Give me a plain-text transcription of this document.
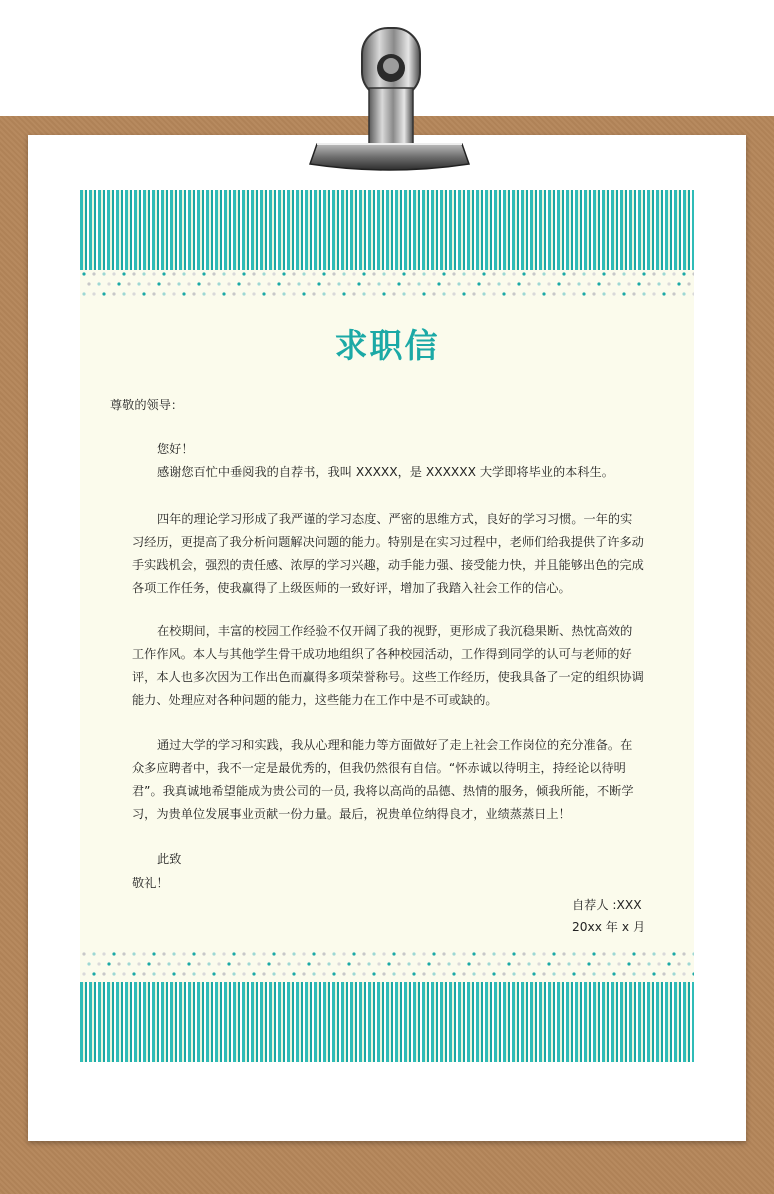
求职信
尊敬的领导：
您好！
感谢您百忙中垂阅我的自荐书，我叫 XXXXX，是 XXXXXX 大学即将毕业的本科生。

四年的理论学习形成了我严谨的学习态度、严密的思维方式，良好的学习习惯。一年的实习经历，更提高了我分析问题解决问题的能力。特别是在实习过程中，老师们给我提供了许多动手实践机会，强烈的责任感、浓厚的学习兴趣，动手能力强、接受能力快，并且能够出色的完成各项工作任务，使我赢得了上级医师的一致好评，增加了我踏入社会工作的信心。

在校期间，丰富的校园工作经验不仅开阔了我的视野，更形成了我沉稳果断、热忱高效的工作作风。本人与其他学生骨干成功地组织了各种校园活动，工作得到同学的认可与老师的好评，本人也多次因为工作出色而赢得多项荣誉称号。这些工作经历，使我具备了一定的组织协调能力、处理应对各种问题的能力，这些能力在工作中是不可或缺的。

通过大学的学习和实践，我从心理和能力等方面做好了走上社会工作岗位的充分准备。在众多应聘者中，我不一定是最优秀的，但我仍然很有自信。“怀赤诚以待明主，持经论以待明君”。我真诚地希望能成为贵公司的一员, 我将以高尚的品德、热情的服务，倾我所能，不断学习，为贵单位发展事业贡献一份力量。最后，祝贵单位纳得良才，业绩蒸蒸日上！

此致
敬礼！
自荐人 :XXX
20xx 年 x 月
